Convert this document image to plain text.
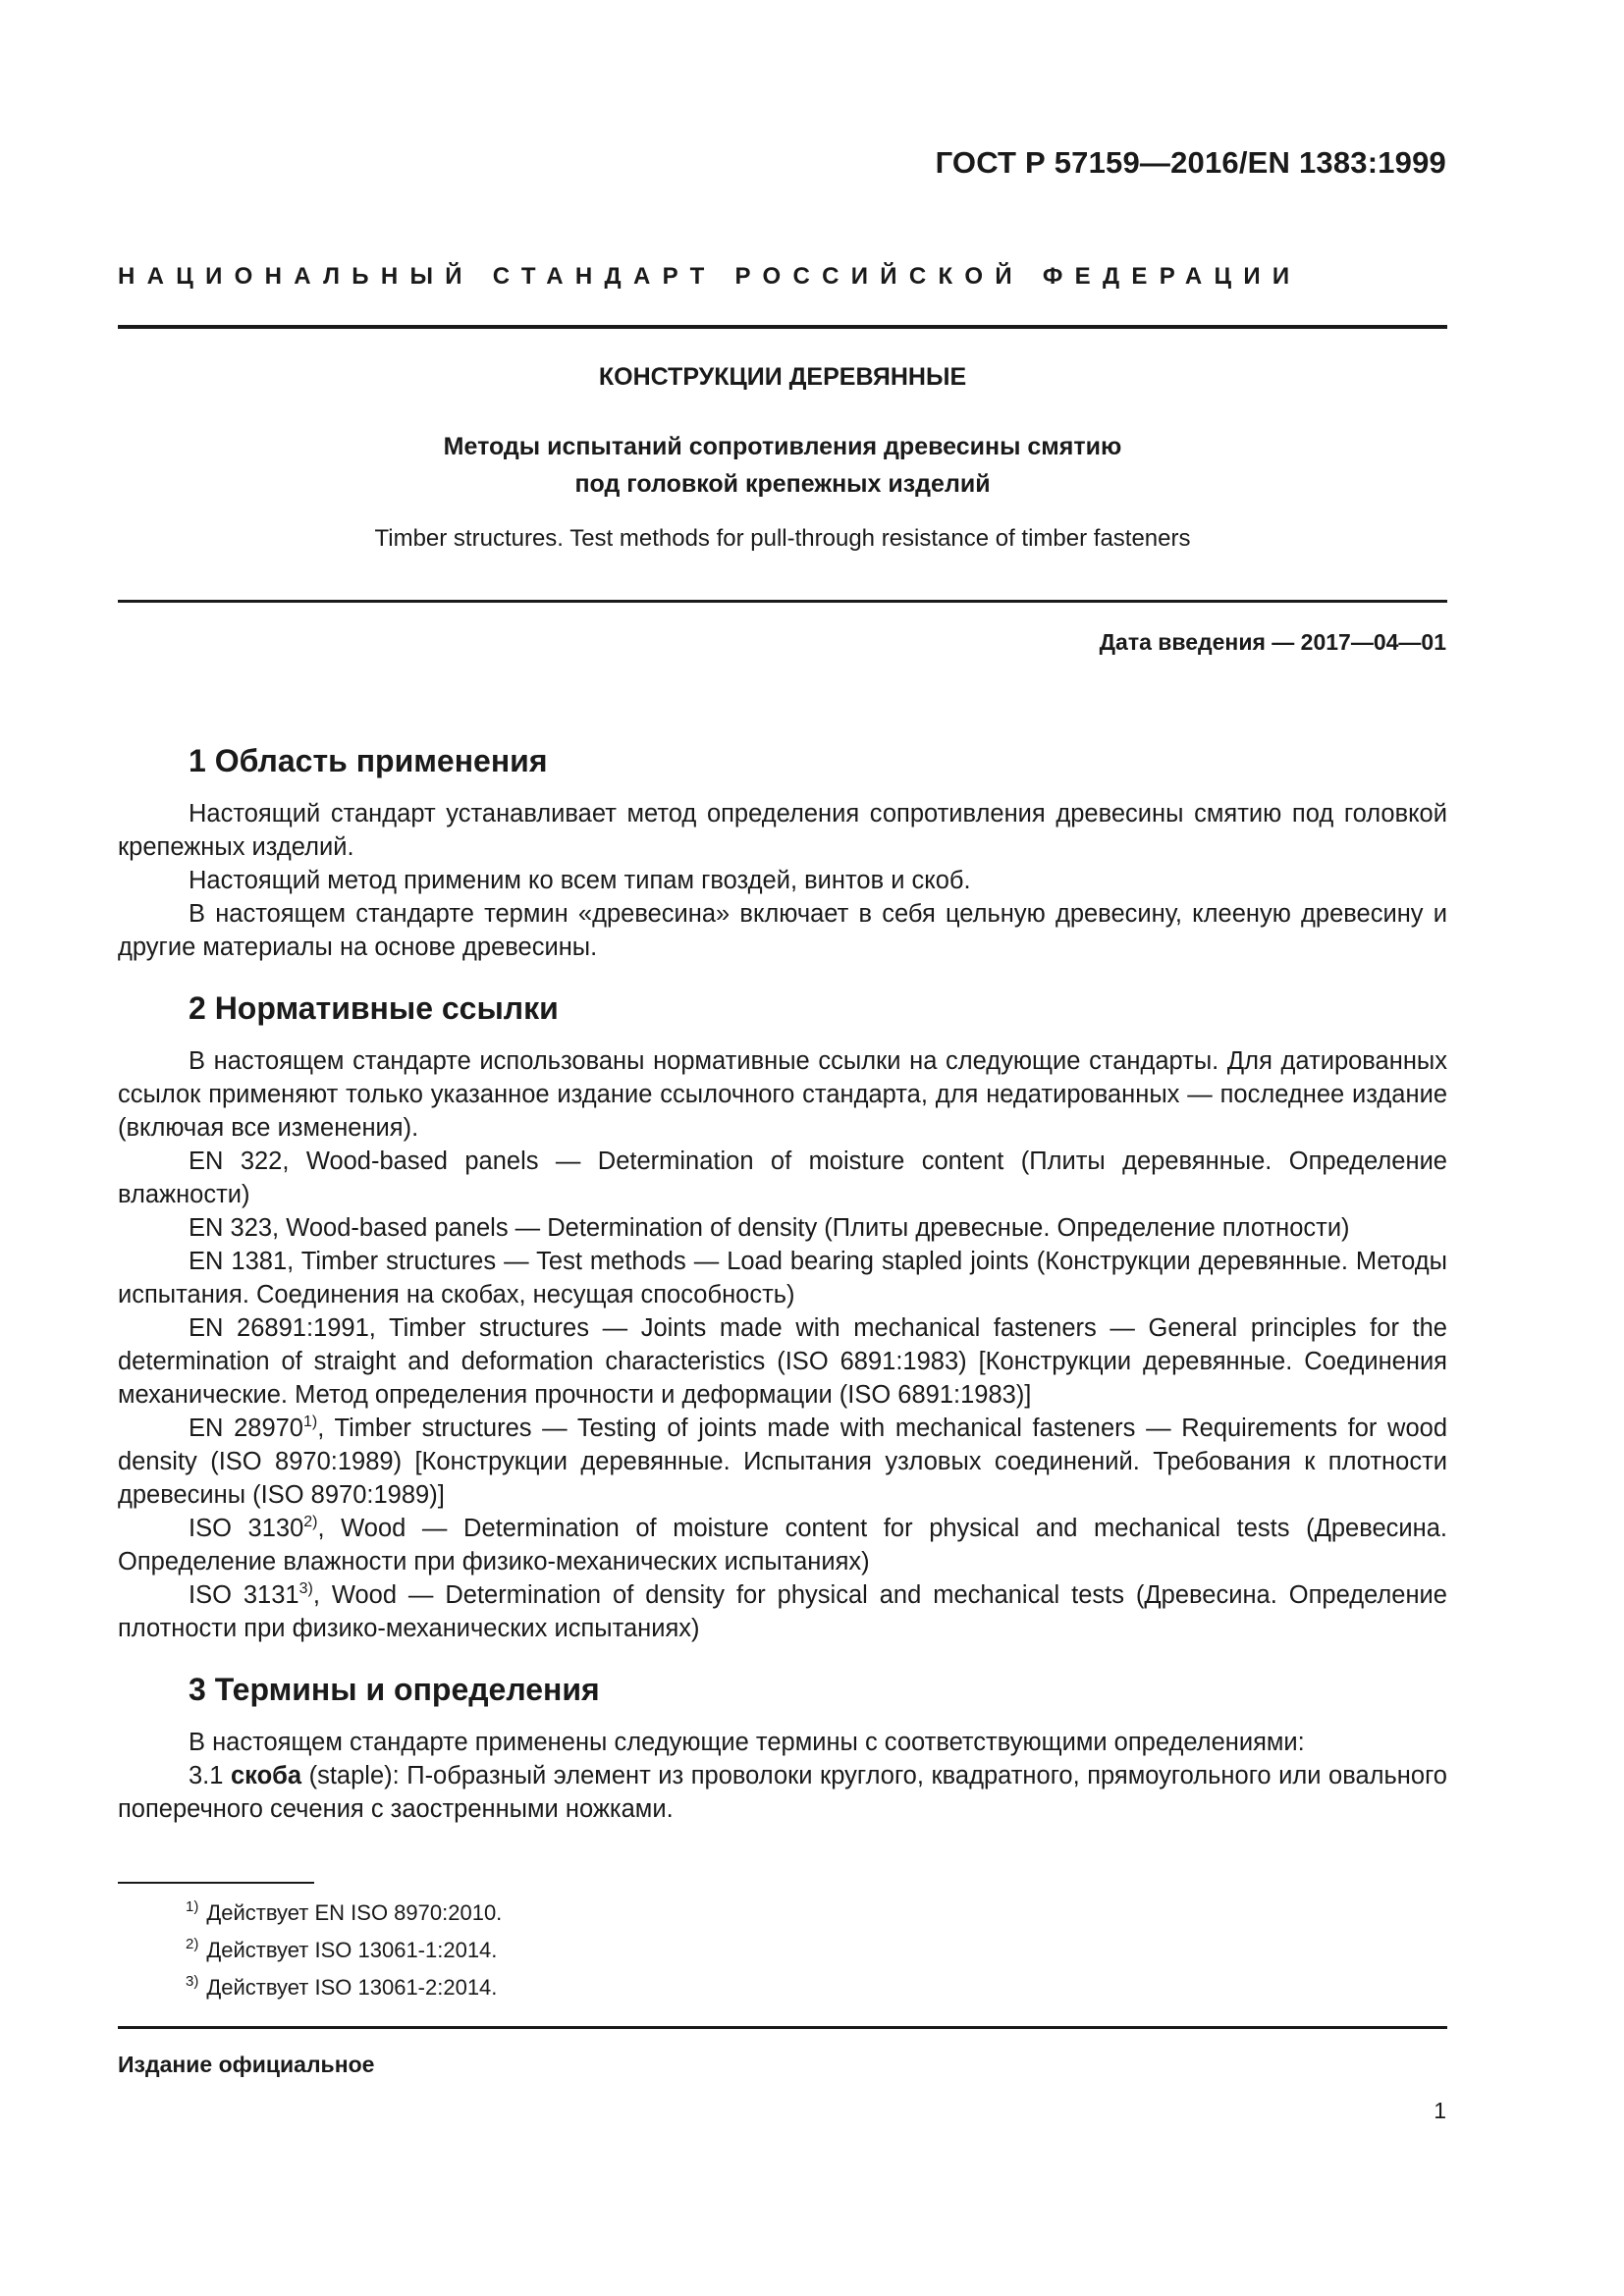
ГОСТ Р 57159—2016/EN 1383:1999
НАЦИОНАЛЬНЫЙ СТАНДАРТ РОССИЙСКОЙ ФЕДЕРАЦИИ
КОНСТРУКЦИИ ДЕРЕВЯННЫЕ
Методы испытаний сопротивления древесины смятию
под головкой крепежных изделий
Timber structures. Test methods for pull-through resistance of timber fasteners
Дата введения — 2017—04—01
1 Область применения

Настоящий стандарт устанавливает метод определения сопротивления древесины смятию под головкой крепежных изделий.

Настоящий метод применим ко всем типам гвоздей, винтов и скоб.

В настоящем стандарте термин «древесина» включает в себя цельную древесину, клееную древесину и другие материалы на основе древесины.

2 Нормативные ссылки

В настоящем стандарте использованы нормативные ссылки на следующие стандарты. Для датированных ссылок применяют только указанное издание ссылочного стандарта, для недатированных — последнее издание (включая все изменения).

EN 322, Wood-based panels — Determination of moisture content (Плиты деревянные. Определение влажности)

EN 323, Wood-based panels — Determination of density (Плиты древесные. Определение плотности)

EN 1381, Timber structures — Test methods — Load bearing stapled joints (Конструкции деревянные. Методы испытания. Соединения на скобах, несущая способность)

EN 26891:1991, Timber structures — Joints made with mechanical fasteners — General principles for the determination of straight and deformation characteristics (ISO 6891:1983) [Конструкции деревянные. Соединения механические. Метод определения прочности и деформации (ISO 6891:1983)]

EN 28970$^{1)}$, Timber structures — Testing of joints made with mechanical fasteners — Requirements for wood density (ISO 8970:1989) [Конструкции деревянные. Испытания узловых соединений. Требования к плотности древесины (ISO 8970:1989)]

ISO 3130$^{2)}$, Wood — Determination of moisture content for physical and mechanical tests (Древесина. Определение влажности при физико-механических испытаниях)

ISO 3131$^{3)}$, Wood — Determination of density for physical and mechanical tests (Древесина. Определение плотности при физико-механических испытаниях)

3 Термины и определения

В настоящем стандарте применены следующие термины с соответствующими определениями:

3.1 скоба (staple): П-образный элемент из проволоки круглого, квадратного, прямоугольного или овального поперечного сечения с заостренными ножками.

$^{1)}$ Действует EN ISO 8970:2010.
$^{2)}$ Действует ISO 13061-1:2014.
$^{3)}$ Действует ISO 13061-2:2014.
Издание официальное
1
